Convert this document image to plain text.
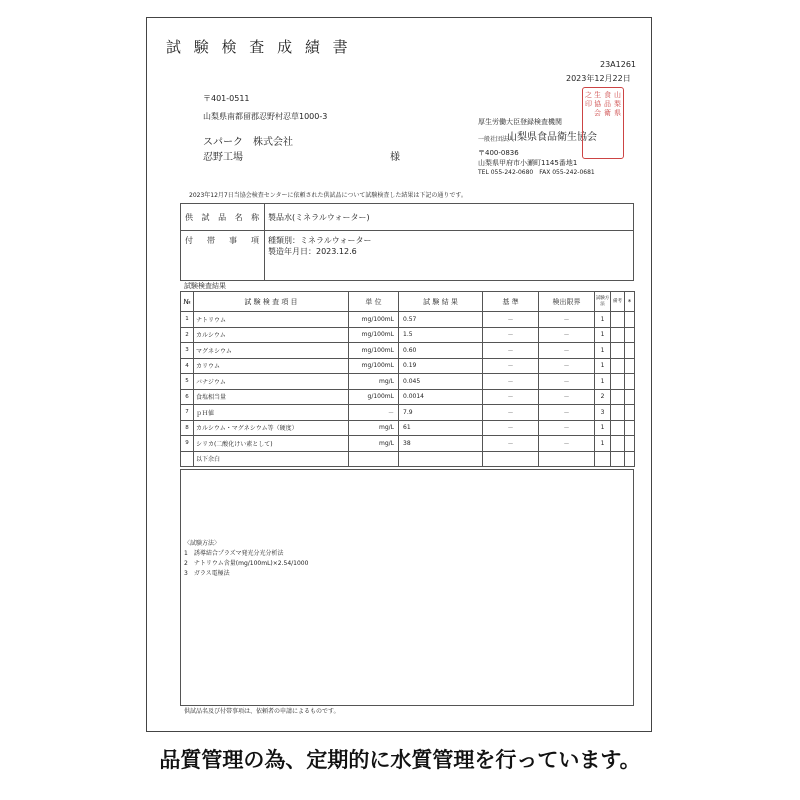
試 験 検 査 成 績 書
23A1261
2023年12月22日
〒401-0511
山梨県南都留郡忍野村忍草1000-3
スパーク　株式会社
忍野工場	様
厚生労働大臣登録検査機関
一般社団法人
山梨県食品衛生協会
〒400-0836
山梨県甲府市小瀬町1145番地1
TEL 055-242-0680　FAX 055-242-0681
山梨県
食品衛
生協会
之印
2023年12月7日当協会検査センターに依頼された供試品について試験検査した結果は下記の通りです。
供 試 品 名 称	製品水(ミネラルウォーター)
付　帯　事　項	種類別：ミネラルウォーター
製造年月日：2023.12.6
試験検査結果
№	試 験 検 査 項 目	単 位	試 験 結 果	基 準	検出限界	試験方法	備考	*
1	ナトリウム	mg/100mL	0.57	－	－	1		
2	カルシウム	mg/100mL	1.5	－	－	1		
3	マグネシウム	mg/100mL	0.60	－	－	1		
4	カリウム	mg/100mL	0.19	－	－	1		
5	バナジウム	mg/L	0.045	－	－	1		
6	食塩相当量	g/100mL	0.0014	－	－	2		
7	ｐＨ値	－	7.9	－	－	3		
8	カルシウム・マグネシウム等（硬度）	mg/L	61	－	－	1		
9	シリカ(二酸化けい素として)	mg/L	38	－	－	1		
	以下余白							
〈試験方法〉
1　誘導結合プラズマ発光分光分析法
2　ナトリウム含量(mg/100mL)×2.54/1000
3　ガラス電極法
供試品名及び付帯事項は、依頼者の申請によるものです。
品質管理の為、定期的に水質管理を行っています。
